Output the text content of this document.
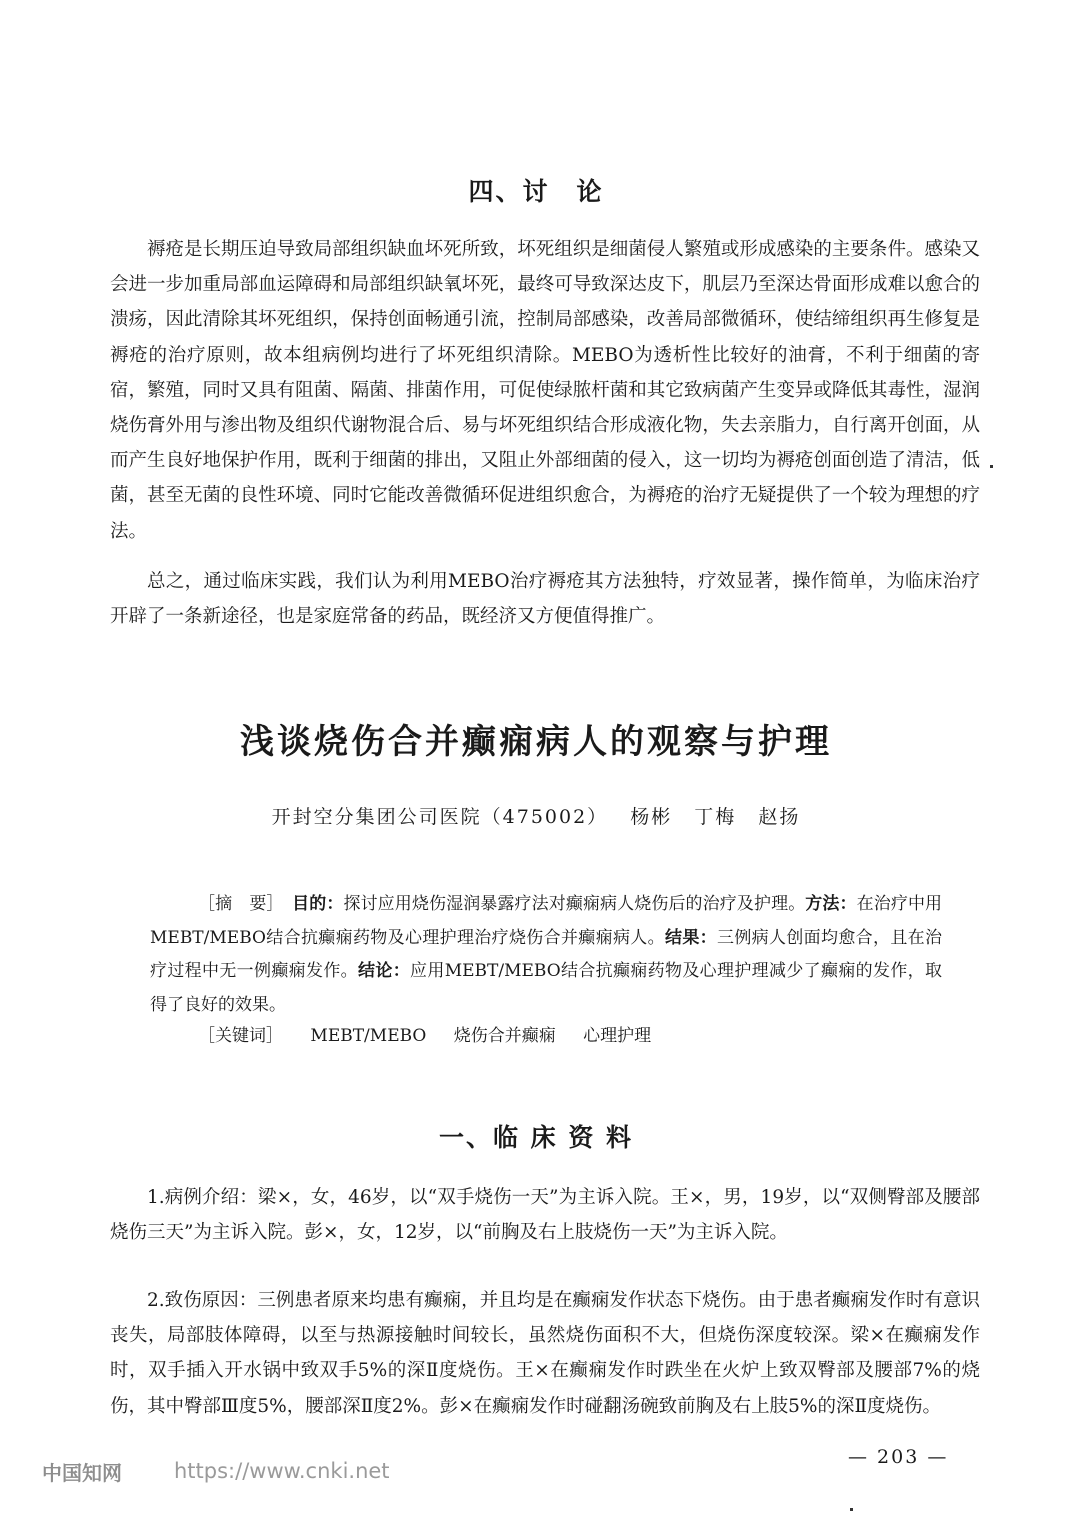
四、讨　论

褥疮是长期压迫导致局部组织缺血坏死所致，坏死组织是细菌侵人繁殖或形成感染的主要条件。感染又会进一步加重局部血运障碍和局部组织缺氧坏死，最终可导致深达皮下，肌层乃至深达骨面形成难以愈合的溃疡，因此清除其坏死组织，保持创面畅通引流，控制局部感染，改善局部微循环，使结缔组织再生修复是褥疮的治疗原则，故本组病例均进行了坏死组织清除。MEBO为透析性比较好的油膏，不利于细菌的寄宿，繁殖，同时又具有阻菌、隔菌、排菌作用，可促使绿脓杆菌和其它致病菌产生变异或降低其毒性，湿润烧伤膏外用与渗出物及组织代谢物混合后、易与坏死组织结合形成液化物，失去亲脂力，自行离开创面，从而产生良好地保护作用，既利于细菌的排出，又阻止外部细菌的侵入，这一切均为褥疮创面创造了清洁，低菌，甚至无菌的良性环境、同时它能改善微循环促进组织愈合，为褥疮的治疗无疑提供了一个较为理想的疗法。

总之，通过临床实践，我们认为利用MEBO治疗褥疮其方法独特，疗效显著，操作简单，为临床治疗开辟了一条新途径，也是家庭常备的药品，既经济又方便值得推广。

浅谈烧伤合并癫痫病人的观察与护理
开封空分集团公司医院（475002） 杨彬 丁梅 赵扬

［摘　要］　 目的：探讨应用烧伤湿润暴露疗法对癫痫病人烧伤后的治疗及护理。方法：在治疗中用MEBT/MEBO结合抗癫痫药物及心理护理治疗烧伤合并癫痫病人。结果：三例病人创面均愈合，且在治疗过程中无一例癫痫发作。结论：应用MEBT/MEBO结合抗癫痫药物及心理护理减少了癫痫的发作，取得了良好的效果。

［关键词］ MEBT/MEBO 烧伤合并癫痫 心理护理
一、临 床 资 料

1.病例介绍：梁×，女，46岁，以“双手烧伤一天”为主诉入院。王×，男，19岁，以“双侧臀部及腰部烧伤三天”为主诉入院。彭×，女，12岁，以“前胸及右上肢烧伤一天”为主诉入院。

2.致伤原因：三例患者原来均患有癫痫，并且均是在癫痫发作状态下烧伤。由于患者癫痫发作时有意识丧失，局部肢体障碍，以至与热源接触时间较长，虽然烧伤面积不大，但烧伤深度较深。梁×在癫痫发作时，双手插入开水锅中致双手5%的深Ⅱ度烧伤。王×在癫痫发作时跌坐在火炉上致双臀部及腰部7%的烧伤，其中臀部Ⅲ度5%，腰部深Ⅱ度2%。彭×在癫痫发作时碰翻汤碗致前胸及右上肢5%的深Ⅱ度烧伤。

中国知网 https://www.cnki.net
— 203 —
